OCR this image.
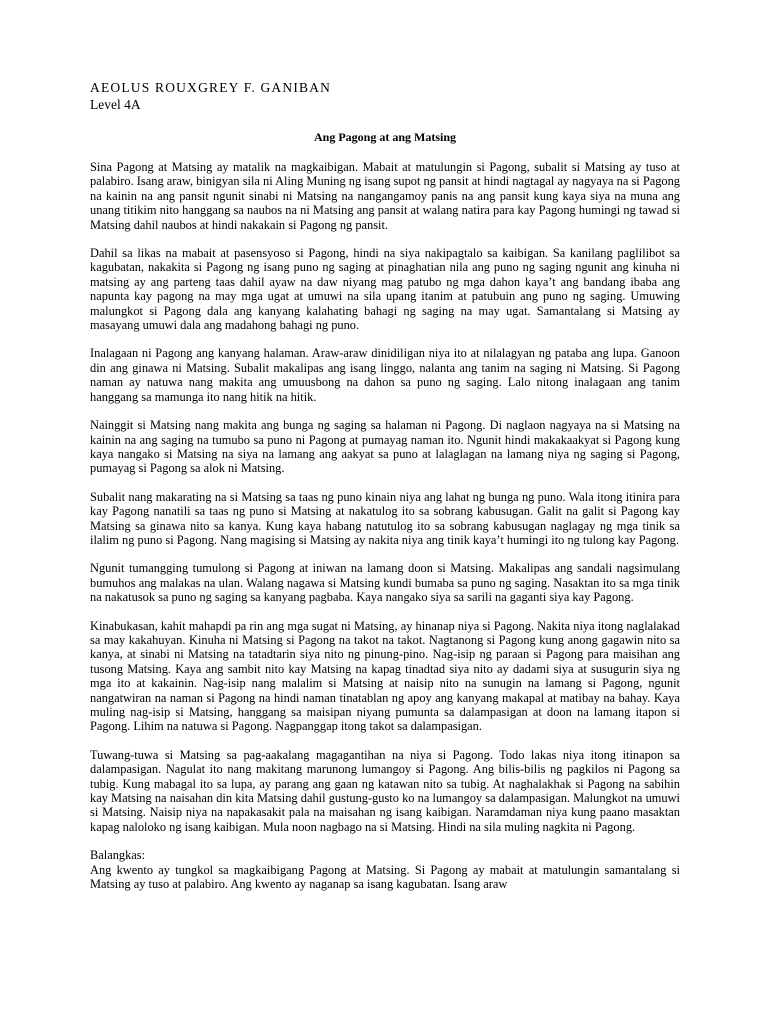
AEOLUS ROUXGREY F. GANIBAN

Level 4A

Ang Pagong at ang Matsing

Sina Pagong at Matsing ay matalik na magkaibigan. Mabait at matulungin si Pagong, subalit si Matsing ay tuso at palabiro. Isang araw, binigyan sila ni Aling Muning ng isang supot ng pansit at hindi nagtagal ay nagyaya na si Pagong na kainin na ang pansit ngunit sinabi ni Matsing na nangangamoy panis na ang pansit kung kaya siya na muna ang unang titikim nito hanggang sa naubos na ni Matsing ang pansit at walang natira para kay Pagong humingi ng tawad si Matsing dahil naubos at hindi nakakain si Pagong ng pansit.

Dahil sa likas na mabait at pasensyoso si Pagong, hindi na siya nakipagtalo sa kaibigan. Sa kanilang paglilibot sa kagubatan, nakakita si Pagong ng isang puno ng saging at pinaghatian nila ang puno ng saging ngunit ang kinuha ni matsing ay ang parteng taas dahil ayaw na daw niyang mag patubo ng mga dahon kaya’t ang bandang ibaba ang napunta kay pagong na may mga ugat at umuwi na sila upang itanim at patubuin ang puno ng saging. Umuwing malungkot si Pagong dala ang kanyang kalahating bahagi ng saging na may ugat. Samantalang si Matsing ay masayang umuwi dala ang madahong bahagi ng puno.

Inalagaan ni Pagong ang kanyang halaman. Araw-araw dinidiligan niya ito at nilalagyan ng pataba ang lupa. Ganoon din ang ginawa ni Matsing. Subalit makalipas ang isang linggo, nalanta ang tanim na saging ni Matsing. Si Pagong naman ay natuwa nang makita ang umuusbong na dahon sa puno ng saging. Lalo nitong inalagaan ang tanim hanggang sa mamunga ito nang hitik na hitik.

Nainggit si Matsing nang makita ang bunga ng saging sa halaman ni Pagong. Di naglaon nagyaya na si Matsing na kainin na ang saging na tumubo sa puno ni Pagong at pumayag naman ito. Ngunit hindi makakaakyat si Pagong kung kaya nangako si Matsing na siya na lamang ang aakyat sa puno at lalaglagan na lamang niya ng saging si Pagong, pumayag si Pagong sa alok ni Matsing.

Subalit nang makarating na si Matsing sa taas ng puno kinain niya ang lahat ng bunga ng puno. Wala itong itinira para kay Pagong nanatili sa taas ng puno si Matsing at nakatulog ito sa sobrang kabusugan. Galit na galit si Pagong kay Matsing sa ginawa nito sa kanya. Kung kaya habang natutulog ito sa sobrang kabusugan naglagay ng mga tinik sa ilalim ng puno si Pagong. Nang magising si Matsing ay nakita niya ang tinik kaya’t humingi ito ng tulong kay Pagong.

Ngunit tumangging tumulong si Pagong at iniwan na lamang doon si Matsing. Makalipas ang sandali nagsimulang bumuhos ang malakas na ulan. Walang nagawa si Matsing kundi bumaba sa puno ng saging. Nasaktan ito sa mga tinik na nakatusok sa puno ng saging sa kanyang pagbaba. Kaya nangako siya sa sarili na gaganti siya kay Pagong.

Kinabukasan, kahit mahapdi pa rin ang mga sugat ni Matsing, ay hinanap niya si Pagong. Nakita niya itong naglalakad sa may kakahuyan. Kinuha ni Matsing si Pagong na takot na takot. Nagtanong si Pagong kung anong gagawin nito sa kanya, at sinabi ni Matsing na tatadtarin siya nito ng pinung-pino. Nag-isip ng paraan si Pagong para maisihan ang tusong Matsing. Kaya ang sambit nito kay Matsing na kapag tinadtad siya nito ay dadami siya at susugurin siya ng mga ito at kakainin. Nag-isip nang malalim si Matsing at naisip nito na sunugin na lamang si Pagong, ngunit nangatwiran na naman si Pagong na hindi naman tinatablan ng apoy ang kanyang makapal at matibay na bahay. Kaya muling nag-isip si Matsing, hanggang sa maisipan niyang pumunta sa dalampasigan at doon na lamang itapon si Pagong. Lihim na natuwa si Pagong. Nagpanggap itong takot sa dalampasigan.

Tuwang-tuwa si Matsing sa pag-aakalang magagantihan na niya si Pagong. Todo lakas niya itong itinapon sa dalampasigan. Nagulat ito nang makitang marunong lumangoy si Pagong. Ang bilis-bilis ng pagkilos ni Pagong sa tubig. Kung mabagal ito sa lupa, ay parang ang gaan ng katawan nito sa tubig. At naghalakhak si Pagong na sabihin kay Matsing na naisahan din kita Matsing dahil gustung-gusto ko na lumangoy sa dalampasigan. Malungkot na umuwi si Matsing. Naisip niya na napakasakit pala na maisahan ng isang kaibigan. Naramdaman niya kung paano masaktan kapag naloloko ng isang kaibigan. Mula noon nagbago na si Matsing. Hindi na sila muling nagkita ni Pagong.

Balangkas:

Ang kwento ay tungkol sa magkaibigang Pagong at Matsing. Si Pagong ay mabait at matulungin samantalang si Matsing ay tuso at palabiro. Ang kwento ay naganap sa isang kagubatan. Isang araw
